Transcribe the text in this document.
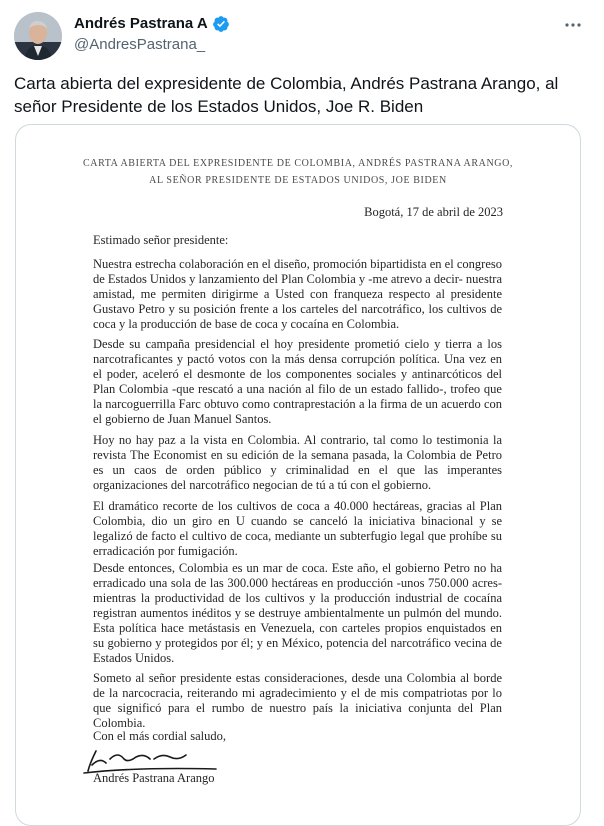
Andrés Pastrana A
@AndresPastrana_
Carta abierta del expresidente de Colombia, Andrés Pastrana Arango, al señor Presidente de los Estados Unidos, Joe R. Biden
CARTA ABIERTA DEL EXPRESIDENTE DE COLOMBIA, ANDRÉS PASTRANA ARANGO,
AL SEÑOR PRESIDENTE DE ESTADOS UNIDOS, JOE BIDEN
Bogotá, 17 de abril de 2023
Estimado señor presidente:
Nuestra estrecha colaboración en el diseño, promoción bipartidista en el congreso de Estados Unidos y lanzamiento del Plan Colombia y -me atrevo a decir- nuestra amistad, me permiten dirigirme a Usted con franqueza respecto al presidente Gustavo Petro y su posición frente a los carteles del narcotráfico, los cultivos de coca y la producción de base de coca y cocaína en Colombia.
Desde su campaña presidencial el hoy presidente prometió cielo y tierra a los narcotraficantes y pactó votos con la más densa corrupción política. Una vez en el poder, aceleró el desmonte de los componentes sociales y antinarcóticos del Plan Colombia -que rescató a una nación al filo de un estado fallido-, trofeo que la narcoguerrilla Farc obtuvo como contraprestación a la firma de un acuerdo con el gobierno de Juan Manuel Santos.
Hoy no hay paz a la vista en Colombia. Al contrario, tal como lo testimonia la revista The Economist en su edición de la semana pasada, la Colombia de Petro es un caos de orden público y criminalidad en el que las imperantes organizaciones del narcotráfico negocian de tú a tú con el gobierno.
El dramático recorte de los cultivos de coca a 40.000 hectáreas, gracias al Plan Colombia, dio un giro en U cuando se canceló la iniciativa binacional y se legalizó de facto el cultivo de coca, mediante un subterfugio legal que prohíbe su erradicación por fumigación.
Desde entonces, Colombia es un mar de coca. Este año, el gobierno Petro no ha erradicado una sola de las 300.000 hectáreas en producción -unos 750.000 acres- mientras la productividad de los cultivos y la producción industrial de cocaína registran aumentos inéditos y se destruye ambientalmente un pulmón del mundo. Esta política hace metástasis en Venezuela, con carteles propios enquistados en su gobierno y protegidos por él; y en México, potencia del narcotráfico vecina de Estados Unidos.
Someto al señor presidente estas consideraciones, desde una Colombia al borde de la narcocracia, reiterando mi agradecimiento y el de mis compatriotas por lo que significó para el rumbo de nuestro país la iniciativa conjunta del Plan Colombia.
Con el más cordial saludo,
Andrés Pastrana Arango
